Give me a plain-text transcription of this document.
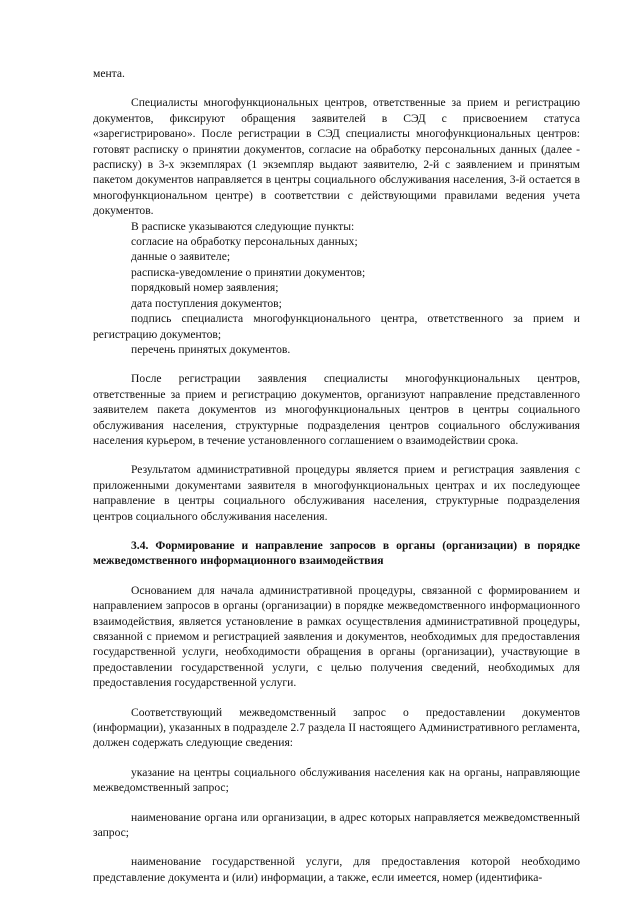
мента.

Специалисты многофункциональных центров, ответственные за прием и регистрацию документов, фиксируют обращения заявителей в СЭД с присвоением статуса «зарегистрировано». После регистрации в СЭД специалисты многофункциональных центров: готовят расписку о принятии документов, согласие на обработку персональных данных (далее - расписку) в 3-х экземплярах (1 экземпляр выдают заявителю, 2-й с заявлением и принятым пакетом документов направляется в центры социального обслуживания населения, 3-й остается в многофункциональном центре) в соответствии с действующими правилами ведения учета документов.

В расписке указываются следующие пункты:

согласие на обработку персональных данных;

данные о заявителе;

расписка-уведомление о принятии документов;

порядковый номер заявления;

дата поступления документов;

подпись специалиста многофункционального центра, ответственного за прием и регистрацию документов;

перечень принятых документов.

После регистрации заявления специалисты многофункциональных центров, ответственные за прием и регистрацию документов, организуют направление представленного заявителем пакета документов из многофункциональных центров в центры социального обслуживания населения, структурные подразделения центров социального обслуживания населения курьером, в течение установленного соглашением о взаимодействии срока.

Результатом административной процедуры является прием и регистрация заявления с приложенными документами заявителя в многофункциональных центрах и их последующее направление в центры социального обслуживания населения, структурные подразделения центров социального обслуживания населения.

3.4. Формирование и направление запросов в органы (организации) в порядке межведомственного информационного взаимодействия

Основанием для начала административной процедуры, связанной с формированием и направлением запросов в органы (организации) в порядке межведомственного информационного взаимодействия, является установление в рамках осуществления административной процедуры, связанной с приемом и регистрацией заявления и документов, необходимых для предоставления государственной услуги, необходимости обращения в органы (организации), участвующие в предоставлении государственной услуги, с целью получения сведений, необходимых для предоставления государственной услуги.

Соответствующий межведомственный запрос о предоставлении документов (информации), указанных в подразделе 2.7 раздела II настоящего Административного регламента, должен содержать следующие сведения:

указание на центры социального обслуживания населения как на органы, направляющие межведомственный запрос;

наименование органа или организации, в адрес которых направляется межведомственный запрос;

наименование государственной услуги, для предоставления которой необходимо представление документа и (или) информации, а также, если имеется, номер (идентифика-
